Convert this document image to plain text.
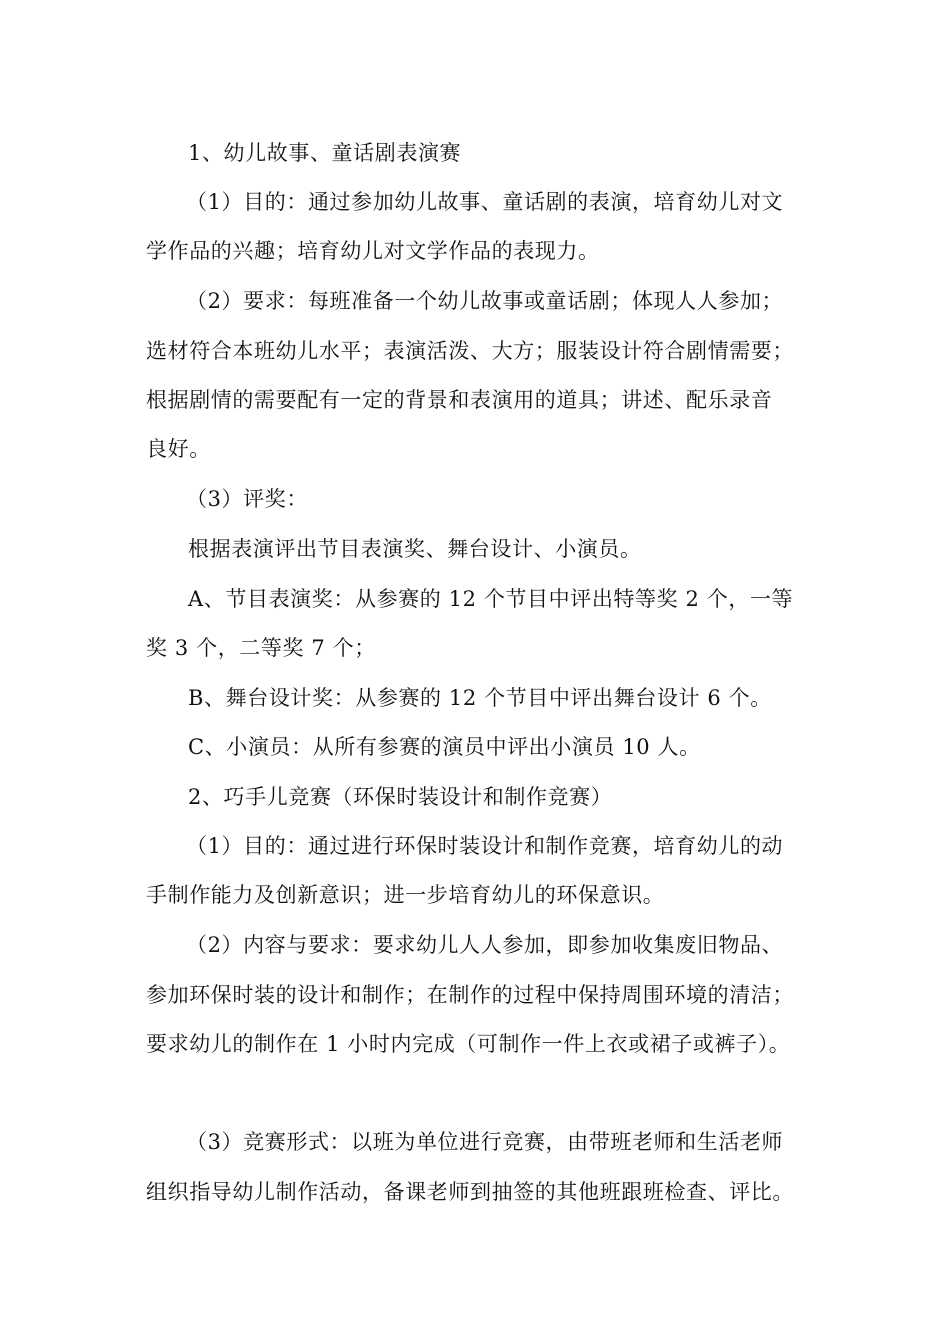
1、幼儿故事、童话剧表演赛
（1）目的：通过参加幼儿故事、童话剧的表演，培育幼儿对文
学作品的兴趣；培育幼儿对文学作品的表现力。
（2）要求：每班准备一个幼儿故事或童话剧；体现人人参加；
选材符合本班幼儿水平；表演活泼、大方；服装设计符合剧情需要；
根据剧情的需要配有一定的背景和表演用的道具；讲述、配乐录音
良好。
（3）评奖：
根据表演评出节目表演奖、舞台设计、小演员。
A、节目表演奖：从参赛的 12 个节目中评出特等奖 2 个，一等
奖 3 个，二等奖 7 个；
B、舞台设计奖：从参赛的 12 个节目中评出舞台设计 6 个。
C、小演员：从所有参赛的演员中评出小演员 10 人。
2、巧手儿竞赛（环保时装设计和制作竞赛）
（1）目的：通过进行环保时装设计和制作竞赛，培育幼儿的动
手制作能力及创新意识；进一步培育幼儿的环保意识。
（2）内容与要求：要求幼儿人人参加，即参加收集废旧物品、
参加环保时装的设计和制作；在制作的过程中保持周围环境的清洁；
要求幼儿的制作在 1 小时内完成（可制作一件上衣或裙子或裤子）。
（3）竞赛形式：以班为单位进行竞赛，由带班老师和生活老师
组织指导幼儿制作活动，备课老师到抽签的其他班跟班检查、评比。
